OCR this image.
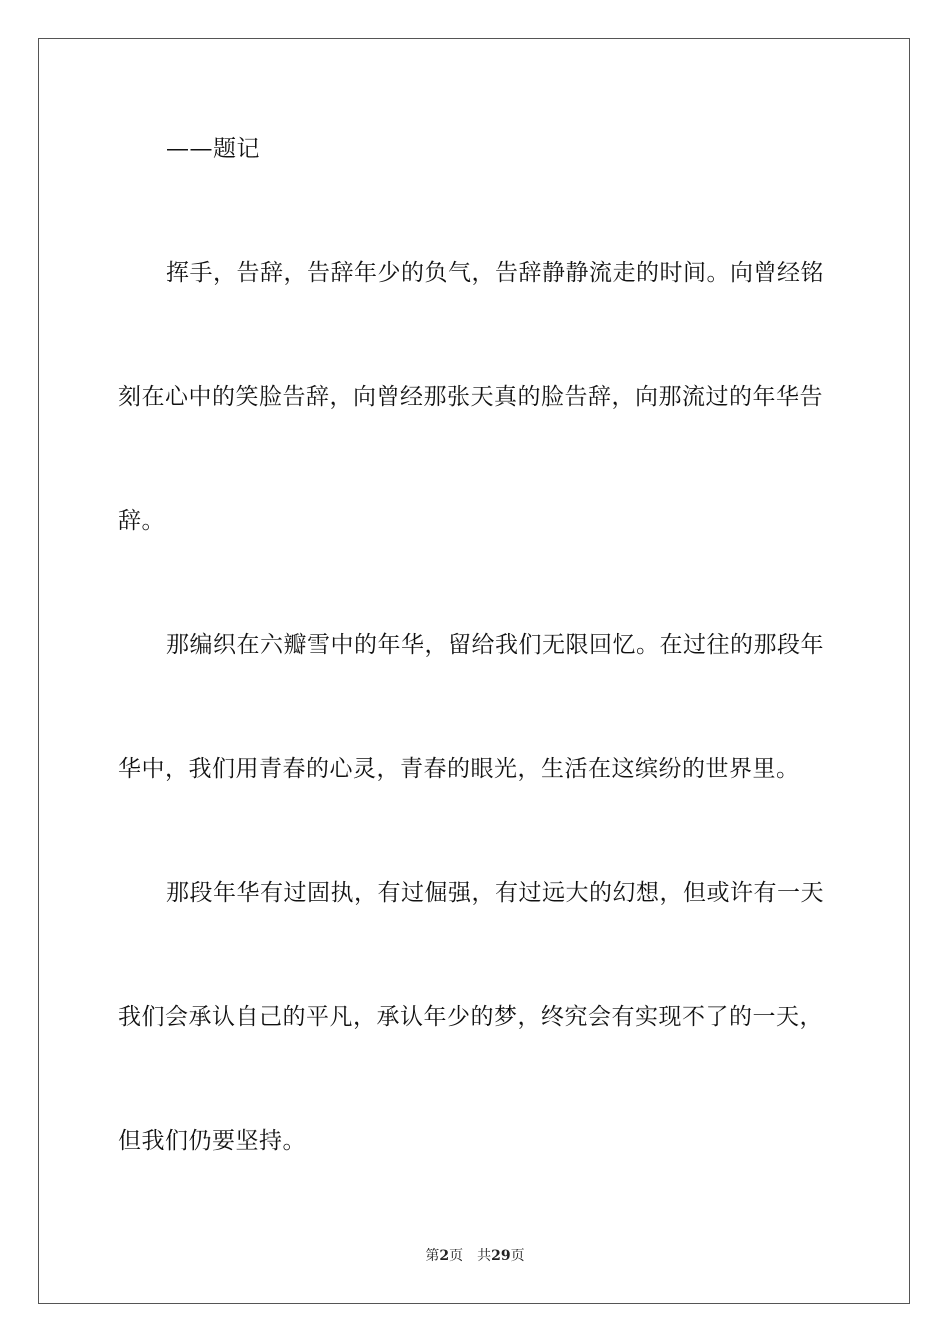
——题记
挥手，告辞，告辞年少的负气，告辞静静流走的时间。向曾经铭
刻在心中的笑脸告辞，向曾经那张天真的脸告辞，向那流过的年华告
辞。
那编织在六瓣雪中的年华，留给我们无限回忆。在过往的那段年
华中，我们用青春的心灵，青春的眼光，生活在这缤纷的世界里。
那段年华有过固执，有过倔强，有过远大的幻想，但或许有一天
我们会承认自己的平凡，承认年少的梦，终究会有实现不了的一天，
但我们仍要坚持。
第2页 共29页
